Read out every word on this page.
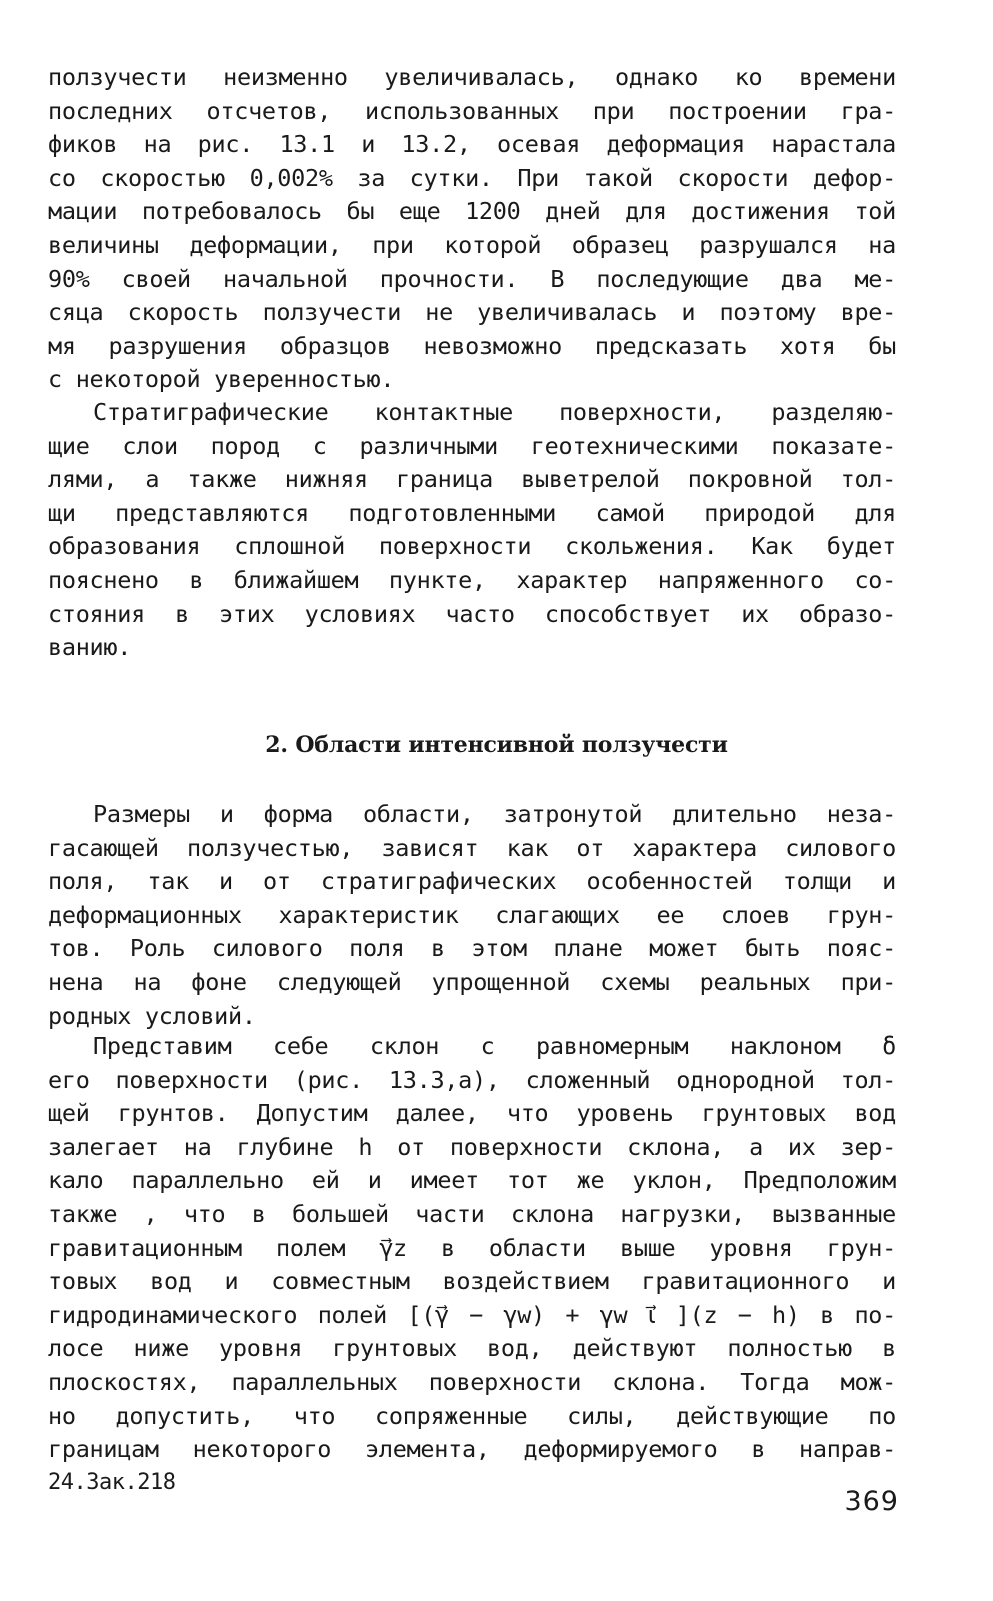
ползучести неизменно увеличивалась, однако ко времени
последних отсчетов, использованных при построении гра-
фиков на рис. 13.1 и 13.2, осевая деформация нарастала
со скоростью 0,002% за сутки. При такой скорости дефор-
мации потребовалось бы еще 1200 дней для достижения той
величины деформации, при которой образец разрушался на
90% своей начальной прочности. В последующие два ме-
сяца скорость ползучести не увеличивалась и поэтому вре-
мя разрушения образцов невозможно предсказать хотя бы
с некоторой уверенностью.
Стратиграфические контактные поверхности, разделяю-
щие слои пород с различными геотехническими показате-
лями, а также нижняя граница выветрелой покровной тол-
щи представляются подготовленными самой природой для
образования сплошной поверхности скольжения. Как будет
пояснено в ближайшем пункте, характер напряженного со-
стояния в этих условиях часто способствует их образо-
ванию.
2. Области интенсивной ползучести
Размеры и форма области, затронутой длительно неза-
гасающей ползучестью, зависят как от характера силового
поля, так и от стратиграфических особенностей толщи и
деформационных характеристик слагающих ее слоев грун-
тов. Роль силового поля в этом плане может быть пояс-
нена на фоне следующей упрощенной схемы реальных при-
родных условий.
Представим себе склон с равномерным наклоном δ
его поверхности (рис. 13.3,а), сложенный однородной тол-
щей грунтов. Допустим далее, что уровень грунтовых вод
залегает на глубине h от поверхности склона, а их зер-
кало параллельно ей и имеет тот же уклон, Предположим
также , что в большей части склона нагрузки, вызванные
гравитационным полем γ⃗z в области выше уровня грун-
товых вод и совместным воздействием гравитационного и
гидродинамического полей [(γ⃗ − γw) + γw ι⃗ ](z − h) в по-
лосе ниже уровня грунтовых вод, действуют полностью в
плоскостях, параллельных поверхности склона. Тогда мож-
но допустить, что сопряженные силы, действующие по
границам некоторого элемента, деформируемого в направ-
24.Зак.218
369
